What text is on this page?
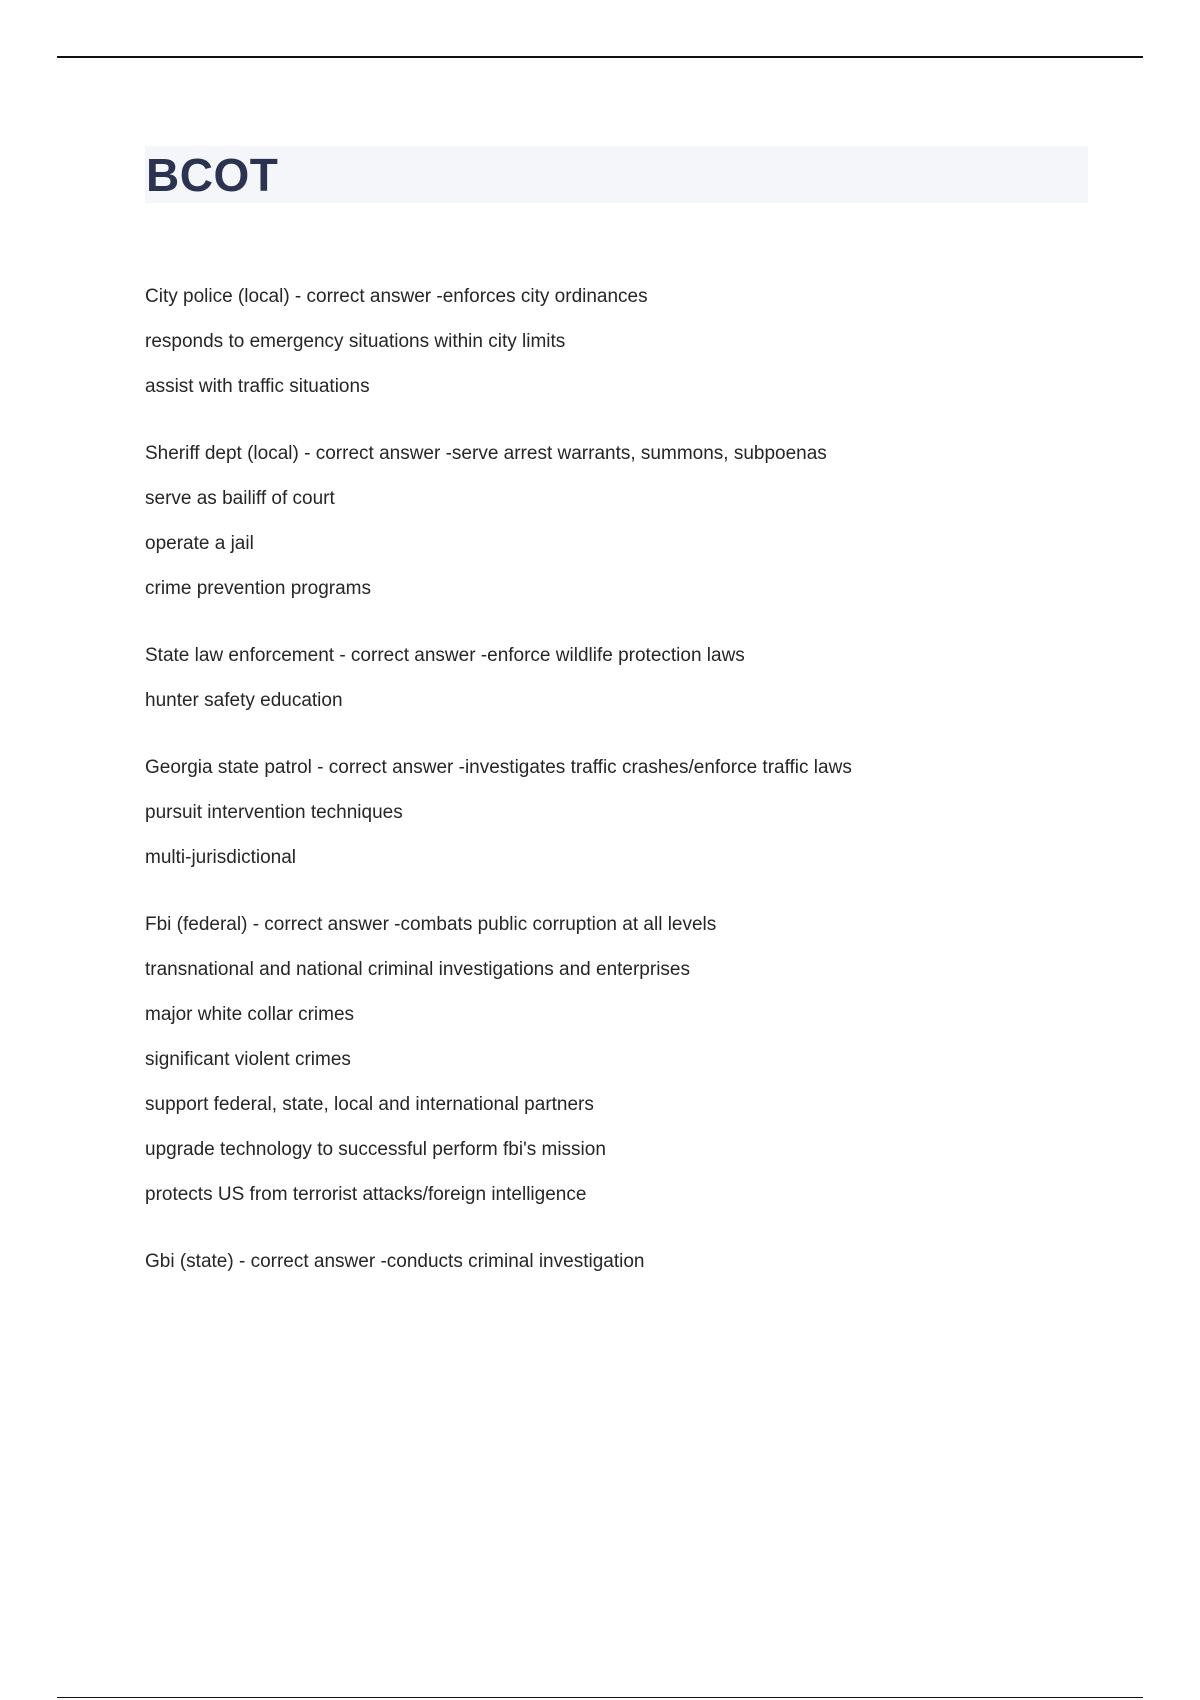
BCOT
City police (local) - correct answer -enforces city ordinances
responds to emergency situations within city limits
assist with traffic situations
Sheriff dept (local) - correct answer -serve arrest warrants, summons, subpoenas
serve as bailiff of court
operate a jail
crime prevention programs
State law enforcement - correct answer -enforce wildlife protection laws
hunter safety education
Georgia state patrol - correct answer -investigates traffic crashes/enforce traffic laws
pursuit intervention techniques
multi-jurisdictional
Fbi (federal) - correct answer -combats public corruption at all levels
transnational and national criminal investigations and enterprises
major white collar crimes
significant violent crimes
support federal, state, local and international partners
upgrade technology to successful perform fbi's mission
protects US from terrorist attacks/foreign intelligence
Gbi (state) - correct answer -conducts criminal investigation
